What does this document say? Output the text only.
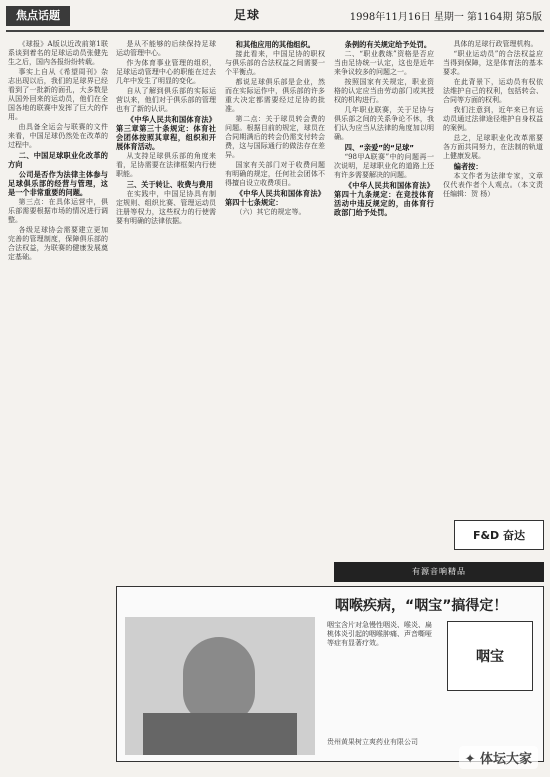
焦点话题	足球	1998年11月16日 星期一 第1164期 第5版
《球报》A版以近改前第1联系谈到着名的足球运动员张健先生之后，国内各报纷纷转载。
事实上自从《希望周刊》杂志出现以后，我们的足球界已经看到了一批新的面孔，大多数是从国外回来的运动员，他们在全国各地的联赛中发挥了巨大的作用。
由具备全运会与联赛的文件来看，中国足球仍然处在改革的过程中。
二、中国足球职业化改革的方向
公司是否作为法律主体参与足球俱乐部的经营与管理，这是一个非常重要的问题。
第三点：在具体运营中，俱乐部需要根据市场的情况进行调整。
各级足球协会需要建立更加完善的管理制度，保障俱乐部的合法权益，为联赛的健康发展奠定基础。
是从不能够的后续保持足球运动管理中心。
作为体育事业管理的组织，足球运动管理中心的职能在过去几年中发生了明显的变化。
自从了解到俱乐部的实际运营以来，他们对于俱乐部的管理也有了新的认识。
《中华人民共和国体育法》第三章第三十条规定：体育社会团体按照其章程，组织和开展体育活动。
从支持足球俱乐部的角度来看，足协需要在法律框架内行使职能。
三、关于转让、收费与费用
在实践中，中国足协具有制定规则、组织比赛、管理运动员注册等权力，这些权力的行使需要有明确的法律依据。
和其他应用的其他组织。
接此看来，中国足协的职权与俱乐部的合法权益之间需要一个平衡点。
都说足球俱乐部是企业，然而在实际运作中，俱乐部的许多重大决定都需要经过足协的批准。
第二点：关于球员转会费的问题。根据目前的规定，球员在合同期满后的转会仍需支付转会费，这与国际通行的做法存在差异。
国家有关部门对于收费问题有明确的规定，任何社会团体不得擅自设立收费项目。
《中华人民共和国体育法》第四十七条规定：
（六）其它的规定等。
条例的有关规定给予处罚。
二、“职业教练”资格是否应当由足协统一认定，这也是近年来争议较多的问题之一。
按照国家有关规定，职业资格的认定应当由劳动部门或其授权的机构进行。
几年职业联赛，关于足协与俱乐部之间的关系争论不休，我们认为应当从法律的角度加以明确。
四、“亲爱”的“足球”
“98甲A联赛”中的问题再一次说明，足球职业化的道路上还有许多需要解决的问题。
《中华人民共和国体育法》第四十九条规定：在竞技体育活动中违反规定的，由体育行政部门给予处罚。
具体的足球行政管理机构。
“职业运动员”的合法权益应当得到保障，这是体育法的基本要求。
在此背景下，运动员有权依法维护自己的权利，包括转会、合同等方面的权利。
我们注意到，近年来已有运动员通过法律途径维护自身权益的案例。
总之，足球职业化改革需要各方面共同努力，在法制的轨道上健康发展。
编者按：
本文作者为法律专家，文章仅代表作者个人观点。（本文责任编辑：贺 杨）
F&D 奋达
有源音响精品
咽喉疾病，“咽宝”搞得定！
咽宝含片对急慢性咽炎、喉炎、扁桃体炎引起的咽喉肿痛、声音嘶哑等症有显著疗效。
咽宝
贵州黄果树立爽药业有限公司
✦ 体坛大家
